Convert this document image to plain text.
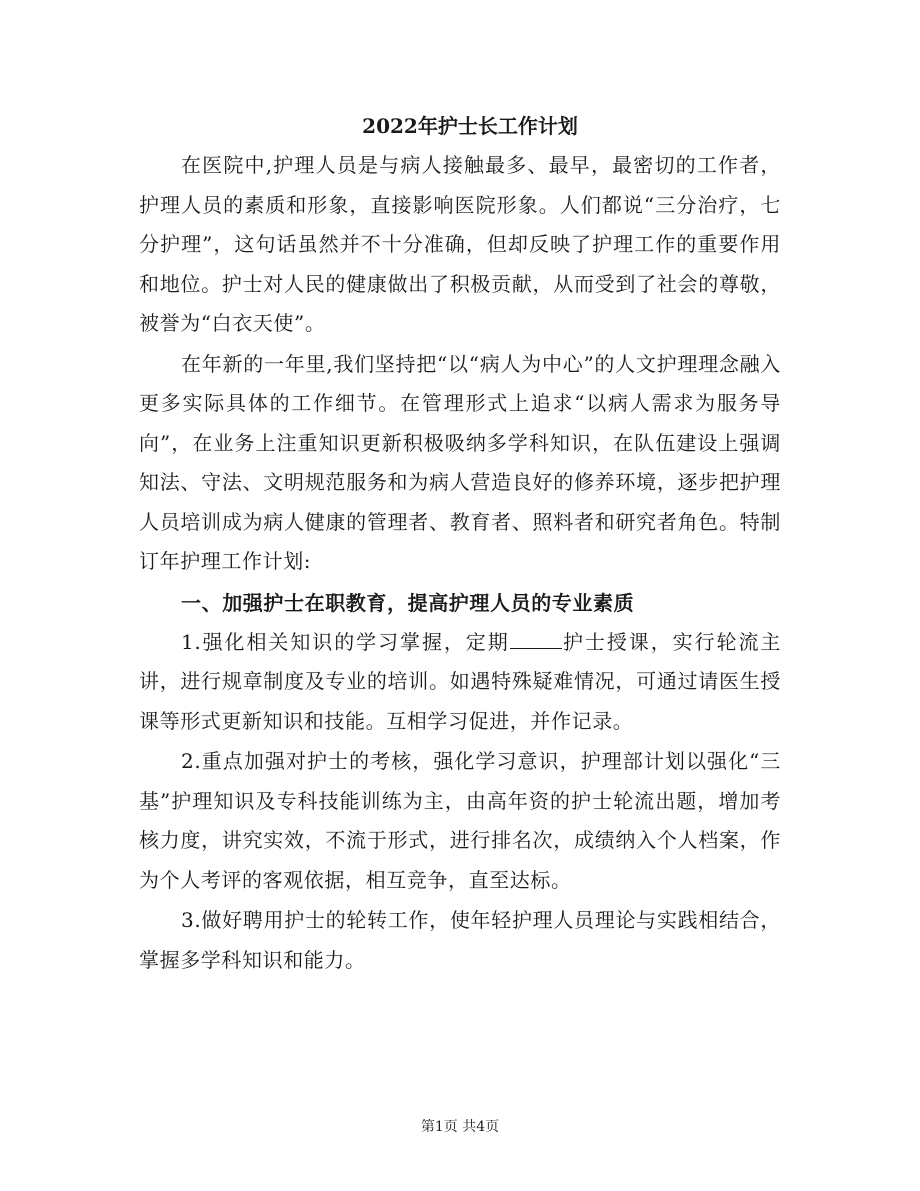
2022年护士长工作计划

在医院中,护理人员是与病人接触最多、最早，最密切的工作者，护理人员的素质和形象，直接影响医院形象。人们都说“三分治疗，七分护理”，这句话虽然并不十分准确，但却反映了护理工作的重要作用和地位。护士对人民的健康做出了积极贡献，从而受到了社会的尊敬，被誉为“白衣天使”。

在年新的一年里,我们坚持把“以“病人为中心”的人文护理理念融入更多实际具体的工作细节。在管理形式上追求“以病人需求为服务导向”，在业务上注重知识更新积极吸纳多学科知识，在队伍建设上强调知法、守法、文明规范服务和为病人营造良好的修养环境，逐步把护理人员培训成为病人健康的管理者、教育者、照料者和研究者角色。特制订年护理工作计划:

一、加强护士在职教育，提高护理人员的专业素质

1.强化相关知识的学习掌握，定期	护士授课，实行轮流主讲，进行规章制度及专业的培训。如遇特殊疑难情况，可通过请医生授课等形式更新知识和技能。互相学习促进，并作记录。

2.重点加强对护士的考核，强化学习意识，护理部计划以强化“三基”护理知识及专科技能训练为主，由高年资的护士轮流出题，增加考核力度，讲究实效，不流于形式，进行排名次，成绩纳入个人档案，作为个人考评的客观依据，相互竞争，直至达标。

3.做好聘用护士的轮转工作，使年轻护理人员理论与实践相结合，掌握多学科知识和能力。

第1页 共4页
